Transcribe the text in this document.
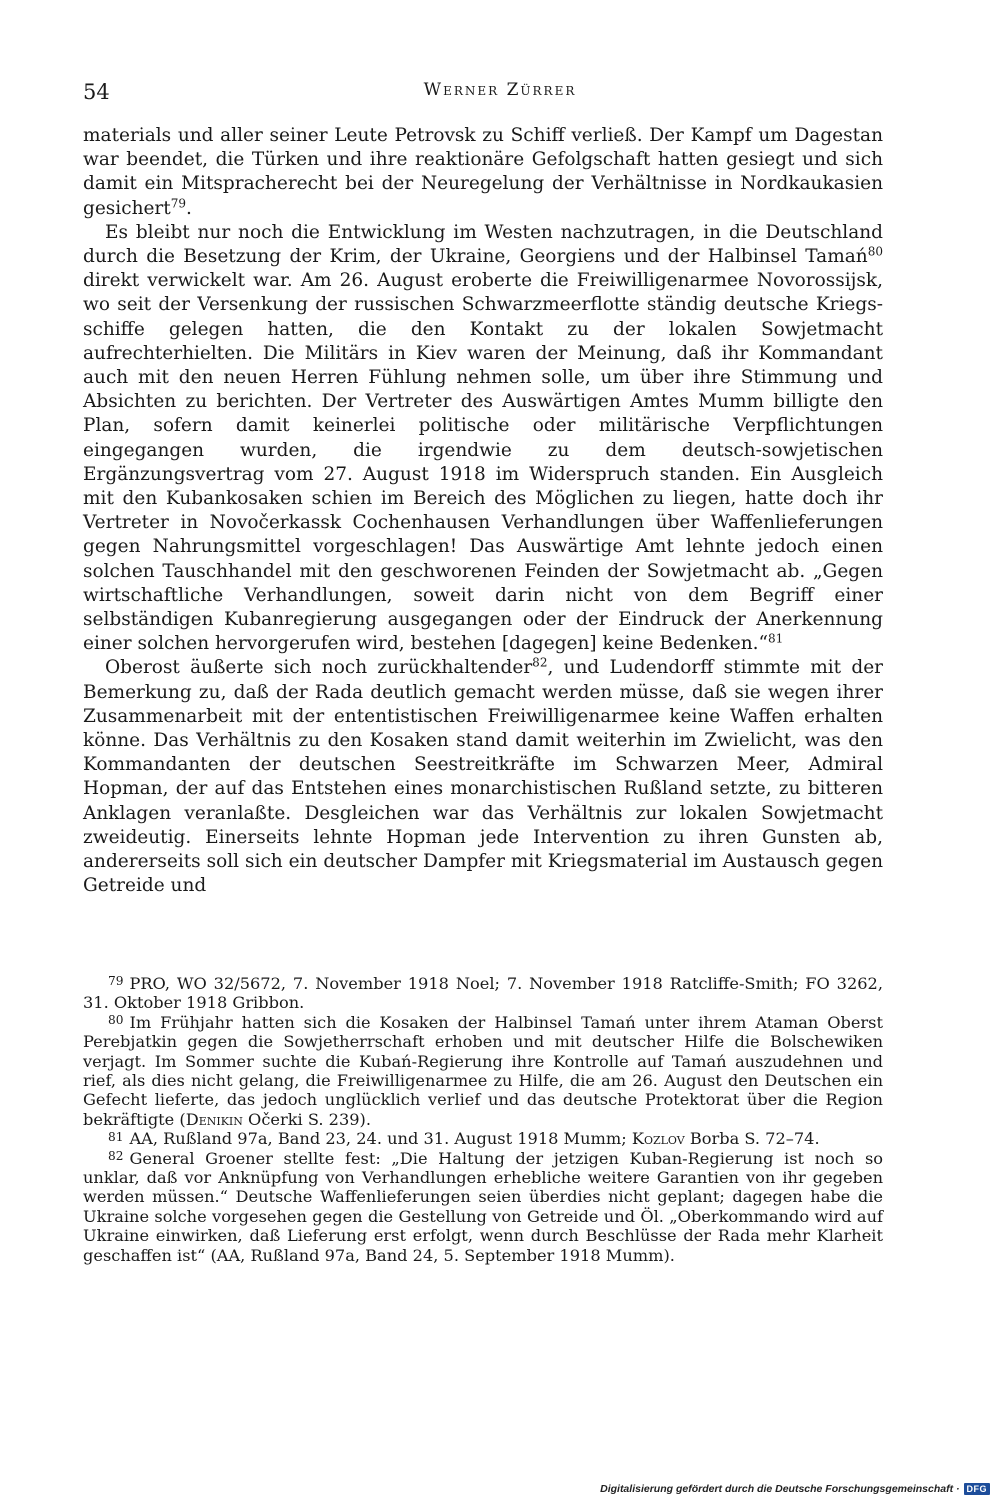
54	Werner Zürrer

materials und aller seiner Leute Petrovsk zu Schiff verließ. Der Kampf um Dagestan war beendet, die Türken und ihre reaktionäre Gefolgschaft hatten gesiegt und sich damit ein Mitspracherecht bei der Neuregelung der Verhältnisse in Nordkaukasien gesichert$^{79}$.

Es bleibt nur noch die Entwicklung im Westen nachzutragen, in die Deutschland durch die Besetzung der Krim, der Ukraine, Georgiens und der Halbinsel Tamań$^{80}$ direkt verwickelt war. Am 26. August eroberte die Freiwilligenarmee Novorossijsk, wo seit der Versenkung der russischen Schwarzmeerflotte ständig deutsche Kriegsschiffe gelegen hatten, die den Kontakt zu der lokalen Sowjetmacht aufrechterhielten. Die Militärs in Kiev waren der Meinung, daß ihr Kommandant auch mit den neuen Herren Fühlung nehmen solle, um über ihre Stimmung und Absichten zu berichten. Der Vertreter des Auswärtigen Amtes Mumm billigte den Plan, sofern damit keinerlei politische oder militärische Verpflichtungen eingegangen wurden, die irgendwie zu dem deutsch-sowjetischen Ergänzungsvertrag vom 27. August 1918 im Widerspruch standen. Ein Ausgleich mit den Kubankosaken schien im Bereich des Möglichen zu liegen, hatte doch ihr Vertreter in Novočerkassk Cochenhausen Verhandlungen über Waffenlieferungen gegen Nahrungsmittel vorgeschlagen! Das Auswärtige Amt lehnte jedoch einen solchen Tauschhandel mit den geschworenen Feinden der Sowjetmacht ab. „Gegen wirtschaftliche Verhandlungen, soweit darin nicht von dem Begriff einer selbständigen Kubanregierung ausgegangen oder der Eindruck der Anerkennung einer solchen hervorgerufen wird, bestehen [dagegen] keine Bedenken.“$^{81}$

Oberost äußerte sich noch zurückhaltender$^{82}$, und Ludendorff stimmte mit der Bemerkung zu, daß der Rada deutlich gemacht werden müsse, daß sie wegen ihrer Zusammenarbeit mit der ententistischen Freiwilligenarmee keine Waffen erhalten könne. Das Verhältnis zu den Kosaken stand damit weiterhin im Zwielicht, was den Kommandanten der deutschen Seestreitkräfte im Schwarzen Meer, Admiral Hopman, der auf das Entstehen eines monarchistischen Rußland setzte, zu bitteren Anklagen veranlaßte. Desgleichen war das Verhältnis zur lokalen Sowjetmacht zweideutig. Einerseits lehnte Hopman jede Intervention zu ihren Gunsten ab, andererseits soll sich ein deutscher Dampfer mit Kriegsmaterial im Austausch gegen Getreide und

$^{79}$ PRO, WO 32/5672, 7. November 1918 Noel; 7. November 1918 Ratcliffe-Smith; FO 3262, 31. Oktober 1918 Gribbon.

$^{80}$ Im Frühjahr hatten sich die Kosaken der Halbinsel Tamań unter ihrem Ataman Oberst Perebjatkin gegen die Sowjetherrschaft erhoben und mit deutscher Hilfe die Bolschewiken verjagt. Im Sommer suchte die Kubań-Regierung ihre Kontrolle auf Tamań auszudehnen und rief, als dies nicht gelang, die Freiwilligenarmee zu Hilfe, die am 26. August den Deutschen ein Gefecht lieferte, das jedoch unglücklich verlief und das deutsche Protektorat über die Region bekräftigte (Denikin Očerki S. 239).

$^{81}$ AA, Rußland 97a, Band 23, 24. und 31. August 1918 Mumm; Kozlov Borba S. 72–74.

$^{82}$ General Groener stellte fest: „Die Haltung der jetzigen Kuban-Regierung ist noch so unklar, daß vor Anknüpfung von Verhandlungen erhebliche weitere Garantien von ihr gegeben werden müssen.“ Deutsche Waffenlieferungen seien überdies nicht geplant; dagegen habe die Ukraine solche vorgesehen gegen die Gestellung von Getreide und Öl. „Oberkommando wird auf Ukraine einwirken, daß Lieferung erst erfolgt, wenn durch Beschlüsse der Rada mehr Klarheit geschaffen ist“ (AA, Rußland 97a, Band 24, 5. September 1918 Mumm).

Digitalisierung gefördert durch die Deutsche Forschungsgemeinschaft · DFG
